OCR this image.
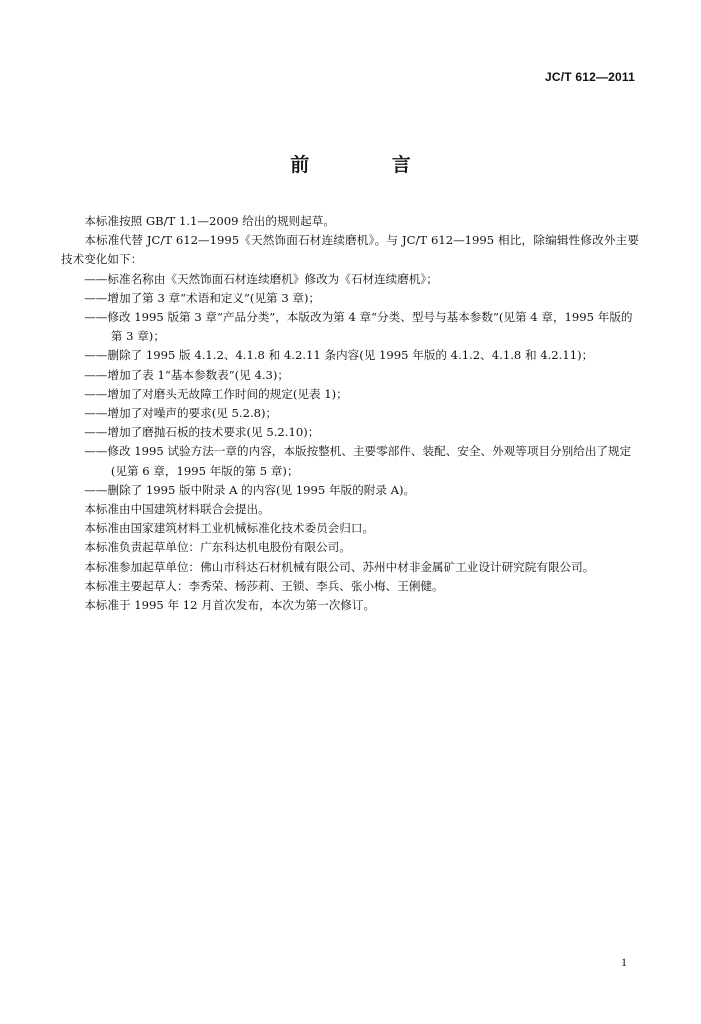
JC/T 612—2011
前 言

本标准按照 GB/T 1.1—2009 给出的规则起草。

本标准代替 JC/T 612—1995《天然饰面石材连续磨机》。与 JC/T 612—1995 相比，除编辑性修改外主要技术变化如下：

——标准名称由《天然饰面石材连续磨机》修改为《石材连续磨机》；

——增加了第 3 章“术语和定义”(见第 3 章)；

——修改 1995 版第 3 章“产品分类”，本版改为第 4 章“分类、型号与基本参数”(见第 4 章，1995 年版的第 3 章)；

——删除了 1995 版 4.1.2、4.1.8 和 4.2.11 条内容(见 1995 年版的 4.1.2、4.1.8 和 4.2.11)；

——增加了表 1“基本参数表”(见 4.3)；

——增加了对磨头无故障工作时间的规定(见表 1)；

——增加了对噪声的要求(见 5.2.8)；

——增加了磨抛石板的技术要求(见 5.2.10)；

——修改 1995 试验方法一章的内容，本版按整机、主要零部件、装配、安全、外观等项目分别给出了规定(见第 6 章，1995 年版的第 5 章)；

——删除了 1995 版中附录 A 的内容(见 1995 年版的附录 A)。

本标准由中国建筑材料联合会提出。

本标准由国家建筑材料工业机械标准化技术委员会归口。

本标准负责起草单位：广东科达机电股份有限公司。

本标准参加起草单位：佛山市科达石材机械有限公司、苏州中材非金属矿工业设计研究院有限公司。

本标准主要起草人：李秀荣、杨莎莉、王锁、李兵、张小梅、王俐健。

本标准于 1995 年 12 月首次发布，本次为第一次修订。

1
